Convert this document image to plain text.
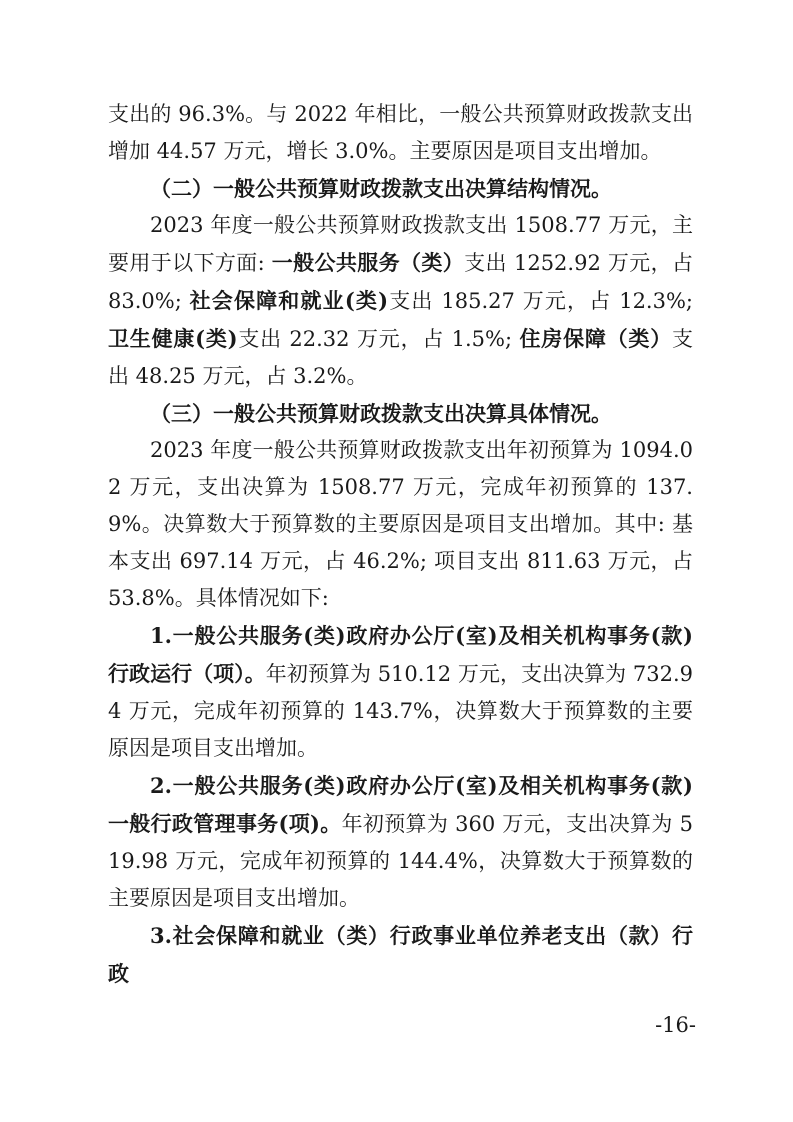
支出的 96.3%。与 2022 年相比，一般公共预算财政拨款支出增加 44.57 万元，增长 3.0%。主要原因是项目支出增加。

（二）一般公共预算财政拨款支出决算结构情况。

2023 年度一般公共预算财政拨款支出 1508.77 万元，主要用于以下方面: 一般公共服务（类）支出 1252.92 万元，占 83.0%; 社会保障和就业(类)支出 185.27 万元，占 12.3%; 卫生健康(类)支出 22.32 万元，占 1.5%; 住房保障（类）支出 48.25 万元，占 3.2%。

（三）一般公共预算财政拨款支出决算具体情况。

2023 年度一般公共预算财政拨款支出年初预算为 1094.02 万元，支出决算为 1508.77 万元，完成年初预算的 137.9%。决算数大于预算数的主要原因是项目支出增加。其中: 基本支出 697.14 万元，占 46.2%; 项目支出 811.63 万元，占 53.8%。具体情况如下:

1.一般公共服务(类)政府办公厅(室)及相关机构事务(款)行政运行（项）。年初预算为 510.12 万元，支出决算为 732.94 万元，完成年初预算的 143.7%，决算数大于预算数的主要原因是项目支出增加。

2.一般公共服务(类)政府办公厅(室)及相关机构事务(款)一般行政管理事务(项)。年初预算为 360 万元，支出决算为 519.98 万元，完成年初预算的 144.4%，决算数大于预算数的主要原因是项目支出增加。

3.社会保障和就业（类）行政事业单位养老支出（款）行政

-16-
